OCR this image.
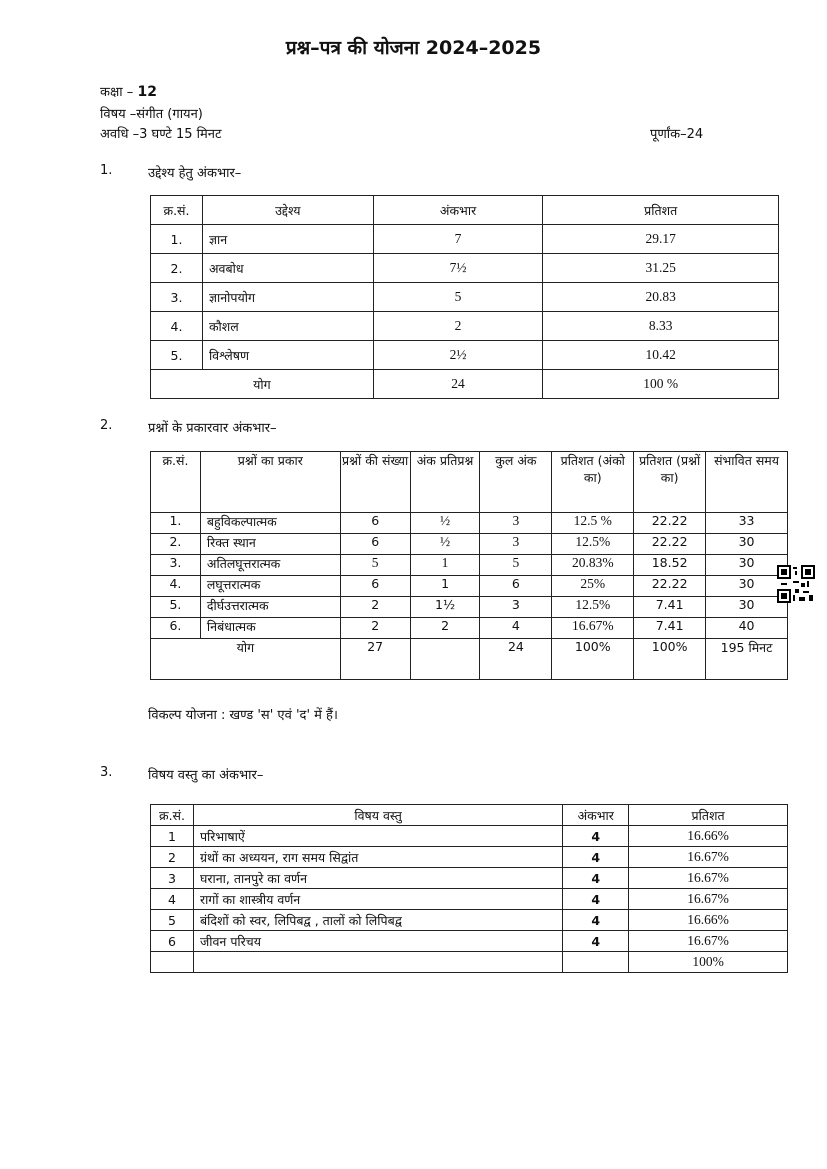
प्रश्न–पत्र की योजना 2024–2025
कक्षा – 12
विषय –संगीत (गायन)
अवधि –3 घण्टे 15 मिनट	पूर्णांक–24
1.	उद्देश्य हेतु अंकभार–
क्र.सं.	उद्देश्य	अंकभार	प्रतिशत
1.	ज्ञान	7	29.17
2.	अवबोध	7½	31.25
3.	ज्ञानोपयोग	5	20.83
4.	कौशल	2	8.33
5.	विश्लेषण	2½	10.42
योग		24	100 %
2.	प्रश्नों के प्रकारवार अंकभार–
क्र.सं.	प्रश्नों का प्रकार	प्रश्नों की संख्या	अंक प्रतिप्रश्न	कुल अंक	प्रतिशत (अंको का)	प्रतिशत (प्रश्नों का)	संभावित समय
1.	बहुविकल्पात्मक	6	½	3	12.5 %	22.22	33
2.	रिक्त स्थान	6	½	3	12.5%	22.22	30
3.	अतिलघूत्तरात्मक	5	1	5	20.83%	18.52	30
4.	लघूत्तरात्मक	6	1	6	25%	22.22	30
5.	दीर्घउत्तरात्मक	2	1½	3	12.5%	7.41	30
6.	निबंधात्मक	2	2	4	16.67%	7.41	40
योग		27		24	100%	100%	195 मिनट
विकल्प योजना : खण्ड 'स' एवं 'द' में हैं।
3.	विषय वस्तु का अंकभार–
क्र.सं.	विषय वस्तु	अंकभार	प्रतिशत
1	परिभाषाऐं	4	16.66%
2	ग्रंथों का अध्ययन, राग समय सिद्वांत	4	16.67%
3	घराना, तानपुरे का वर्णन	4	16.67%
4	रागों का शास्त्रीय वर्णन	4	16.67%
5	बंदिशों को स्वर, लिपिबद्व , तालों को लिपिबद्व	4	16.66%
6	जीवन परिचय	4	16.67%
			100%
